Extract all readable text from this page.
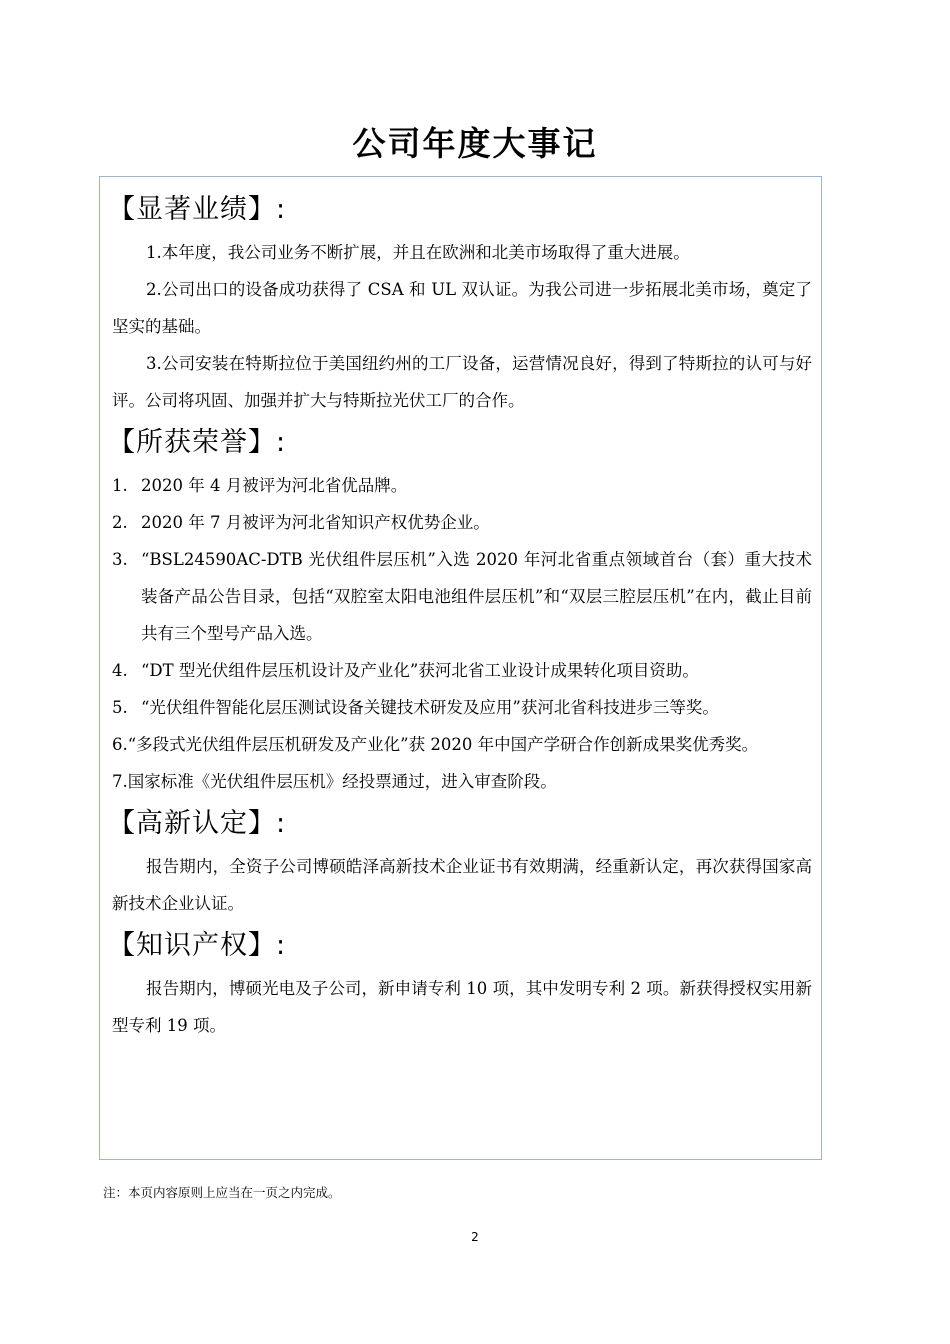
公司年度大事记
【显著业绩】:

1.本年度，我公司业务不断扩展，并且在欧洲和北美市场取得了重大进展。

2.公司出口的设备成功获得了 CSA 和 UL 双认证。为我公司进一步拓展北美市场，奠定了坚实的基础。

3.公司安装在特斯拉位于美国纽约州的工厂设备，运营情况良好，得到了特斯拉的认可与好评。公司将巩固、加强并扩大与特斯拉光伏工厂的合作。

【所获荣誉】:
1. 2020 年 4 月被评为河北省优品牌。
2. 2020 年 7 月被评为河北省知识产权优势企业。
3. “BSL24590AC-DTB 光伏组件层压机”入选 2020 年河北省重点领域首台（套）重大技术装备产品公告目录，包括“双腔室太阳电池组件层压机”和“双层三腔层压机”在内，截止目前共有三个型号产品入选。
4. “DT 型光伏组件层压机设计及产业化”获河北省工业设计成果转化项目资助。
5. “光伏组件智能化层压测试设备关键技术研发及应用”获河北省科技进步三等奖。
6.“多段式光伏组件层压机研发及产业化”获 2020 年中国产学研合作创新成果奖优秀奖。
7.国家标准《光伏组件层压机》经投票通过，进入审查阶段。
【高新认定】:

报告期内，全资子公司博硕皓泽高新技术企业证书有效期满，经重新认定，再次获得国家高新技术企业认证。

【知识产权】:

报告期内，博硕光电及子公司，新申请专利 10 项，其中发明专利 2 项。新获得授权实用新型专利 19 项。

注：本页内容原则上应当在一页之内完成。
2
